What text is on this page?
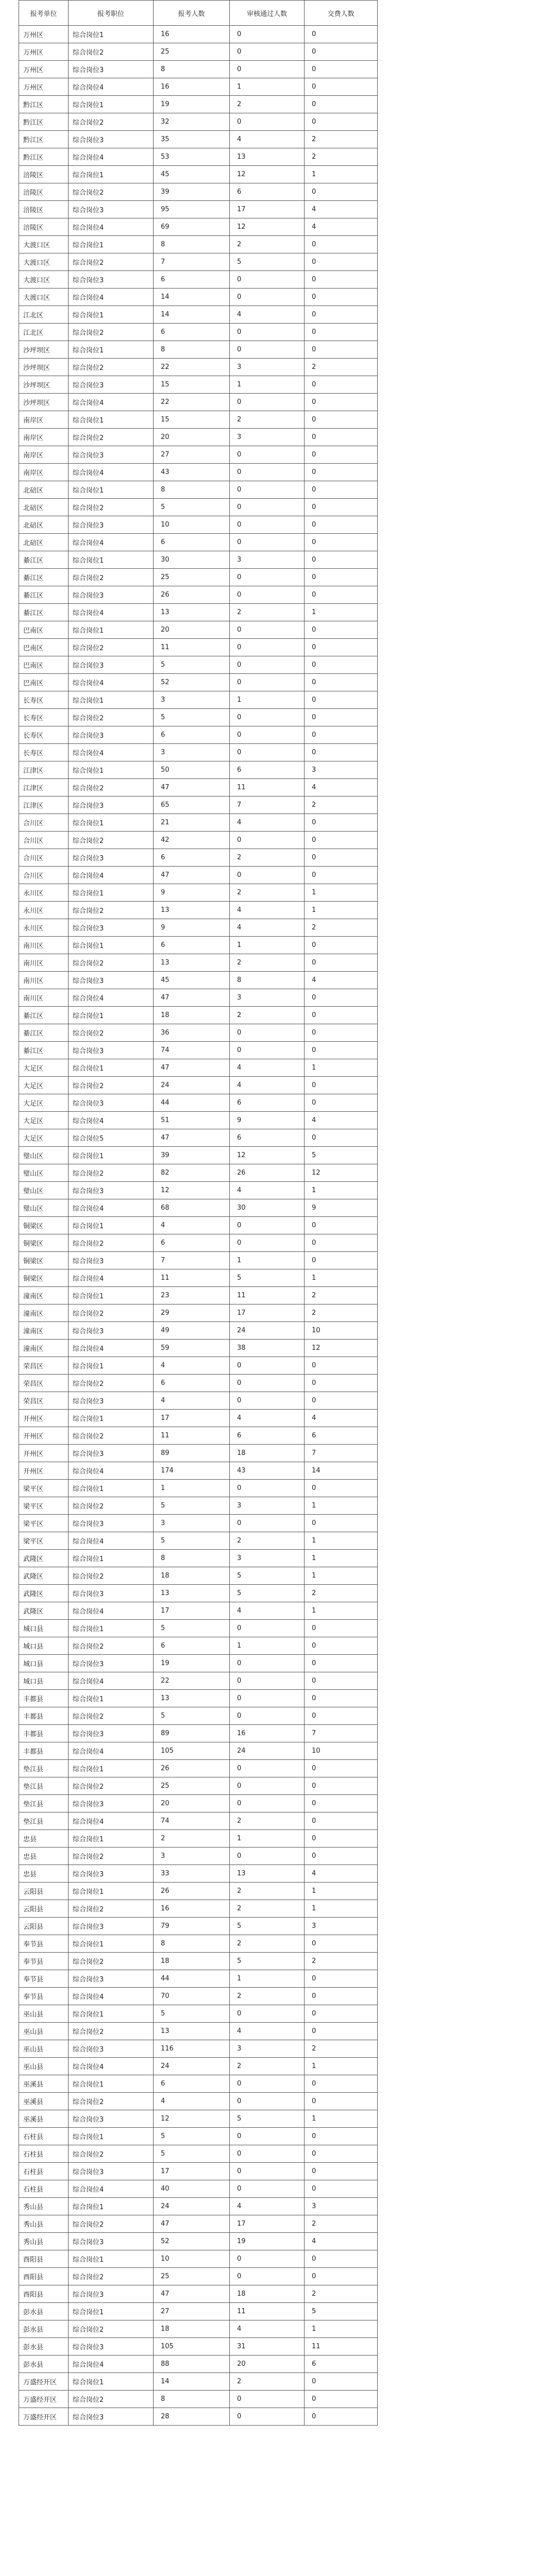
报考单位	报考职位	报考人数	审核通过人数	交费人数
万州区	综合岗位1	16	0	0
万州区	综合岗位2	25	0	0
万州区	综合岗位3	8	0	0
万州区	综合岗位4	16	1	0
黔江区	综合岗位1	19	2	0
黔江区	综合岗位2	32	0	0
黔江区	综合岗位3	35	4	2
黔江区	综合岗位4	53	13	2
涪陵区	综合岗位1	45	12	1
涪陵区	综合岗位2	39	6	0
涪陵区	综合岗位3	95	17	4
涪陵区	综合岗位4	69	12	4
大渡口区	综合岗位1	8	2	0
大渡口区	综合岗位2	7	5	0
大渡口区	综合岗位3	6	0	0
大渡口区	综合岗位4	14	0	0
江北区	综合岗位1	14	4	0
江北区	综合岗位2	6	0	0
沙坪坝区	综合岗位1	8	0	0
沙坪坝区	综合岗位2	22	3	2
沙坪坝区	综合岗位3	15	1	0
沙坪坝区	综合岗位4	22	0	0
南岸区	综合岗位1	15	2	0
南岸区	综合岗位2	20	3	0
南岸区	综合岗位3	27	0	0
南岸区	综合岗位4	43	0	0
北碚区	综合岗位1	8	0	0
北碚区	综合岗位2	5	0	0
北碚区	综合岗位3	10	0	0
北碚区	综合岗位4	6	0	0
綦江区	综合岗位1	30	3	0
綦江区	综合岗位2	25	0	0
綦江区	综合岗位3	26	0	0
綦江区	综合岗位4	13	2	1
巴南区	综合岗位1	20	0	0
巴南区	综合岗位2	11	0	0
巴南区	综合岗位3	5	0	0
巴南区	综合岗位4	52	0	0
长寿区	综合岗位1	3	1	0
长寿区	综合岗位2	5	0	0
长寿区	综合岗位3	6	0	0
长寿区	综合岗位4	3	0	0
江津区	综合岗位1	50	6	3
江津区	综合岗位2	47	11	4
江津区	综合岗位3	65	7	2
合川区	综合岗位1	21	4	0
合川区	综合岗位2	42	0	0
合川区	综合岗位3	6	2	0
合川区	综合岗位4	47	0	0
永川区	综合岗位1	9	2	1
永川区	综合岗位2	13	4	1
永川区	综合岗位3	9	4	2
南川区	综合岗位1	6	1	0
南川区	综合岗位2	13	2	0
南川区	综合岗位3	45	8	4
南川区	综合岗位4	47	3	0
綦江区	综合岗位1	18	2	0
綦江区	综合岗位2	36	0	0
綦江区	综合岗位3	74	0	0
大足区	综合岗位1	47	4	1
大足区	综合岗位2	24	4	0
大足区	综合岗位3	44	6	0
大足区	综合岗位4	51	9	4
大足区	综合岗位5	47	6	0
璧山区	综合岗位1	39	12	5
璧山区	综合岗位2	82	26	12
璧山区	综合岗位3	12	4	1
璧山区	综合岗位4	68	30	9
铜梁区	综合岗位1	4	0	0
铜梁区	综合岗位2	6	0	0
铜梁区	综合岗位3	7	1	0
铜梁区	综合岗位4	11	5	1
潼南区	综合岗位1	23	11	2
潼南区	综合岗位2	29	17	2
潼南区	综合岗位3	49	24	10
潼南区	综合岗位4	59	38	12
荣昌区	综合岗位1	4	0	0
荣昌区	综合岗位2	6	0	0
荣昌区	综合岗位3	4	0	0
开州区	综合岗位1	17	4	4
开州区	综合岗位2	11	6	6
开州区	综合岗位3	89	18	7
开州区	综合岗位4	174	43	14
梁平区	综合岗位1	1	0	0
梁平区	综合岗位2	5	3	1
梁平区	综合岗位3	3	0	0
梁平区	综合岗位4	5	2	1
武隆区	综合岗位1	8	3	1
武隆区	综合岗位2	18	5	1
武隆区	综合岗位3	13	5	2
武隆区	综合岗位4	17	4	1
城口县	综合岗位1	5	0	0
城口县	综合岗位2	6	1	0
城口县	综合岗位3	19	0	0
城口县	综合岗位4	22	0	0
丰都县	综合岗位1	13	0	0
丰都县	综合岗位2	5	0	0
丰都县	综合岗位3	89	16	7
丰都县	综合岗位4	105	24	10
垫江县	综合岗位1	26	0	0
垫江县	综合岗位2	25	0	0
垫江县	综合岗位3	20	0	0
垫江县	综合岗位4	74	2	0
忠县	综合岗位1	2	1	0
忠县	综合岗位2	3	0	0
忠县	综合岗位3	33	13	4
云阳县	综合岗位1	26	2	1
云阳县	综合岗位2	16	2	1
云阳县	综合岗位3	79	5	3
奉节县	综合岗位1	8	2	0
奉节县	综合岗位2	18	5	2
奉节县	综合岗位3	44	1	0
奉节县	综合岗位4	70	2	0
巫山县	综合岗位1	5	0	0
巫山县	综合岗位2	13	4	0
巫山县	综合岗位3	116	3	2
巫山县	综合岗位4	24	2	1
巫溪县	综合岗位1	6	0	0
巫溪县	综合岗位2	4	0	0
巫溪县	综合岗位3	12	5	1
石柱县	综合岗位1	5	0	0
石柱县	综合岗位2	5	0	0
石柱县	综合岗位3	17	0	0
石柱县	综合岗位4	40	0	0
秀山县	综合岗位1	24	4	3
秀山县	综合岗位2	47	17	2
秀山县	综合岗位3	52	19	4
酉阳县	综合岗位1	10	0	0
酉阳县	综合岗位2	25	0	0
酉阳县	综合岗位3	47	18	2
彭水县	综合岗位1	27	11	5
彭水县	综合岗位2	18	4	1
彭水县	综合岗位3	105	31	11
彭水县	综合岗位4	88	20	6
万盛经开区	综合岗位1	14	2	0
万盛经开区	综合岗位2	8	0	0
万盛经开区	综合岗位3	28	0	0
